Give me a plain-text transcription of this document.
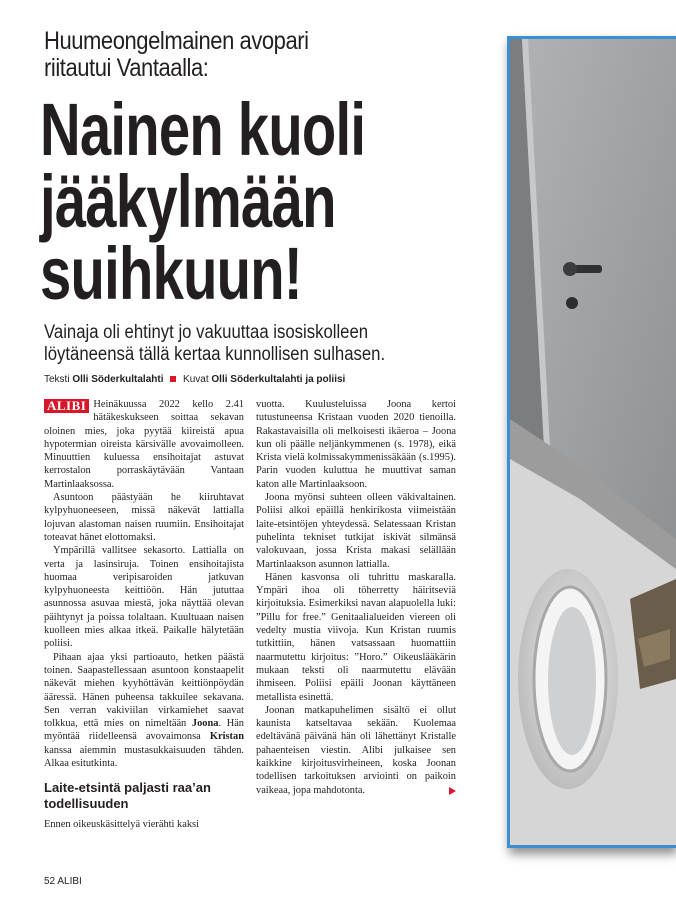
Huumeongelmainen avopari
riitautui Vantaalla:
Nainen kuoli
jääkylmään
suihkuun!
Vainaja oli ehtinyt jo vakuuttaa isosiskolleen
löytäneensä tällä kertaa kunnollisen sulhasen.
Teksti Olli Söderkultalahti Kuvat Olli Söderkultalahti ja poliisi

ALIBI Heinäkuussa 2022 kello 2.41 hätäkeskukseen soittaa sekavan oloinen mies, joka pyytää kiireistä apua hypotermian oireista kärsivälle avovaimolleen. Minuuttien kuluessa ensihoitajat astuvat kerrostalon porraskäytävään Vantaan Martinlaaksossa.

Asuntoon päästyään he kiiruhtavat kylpyhuoneeseen, missä näkevät lattialla lojuvan alastoman naisen ruumiin. Ensihoitajat toteavat hänet elottomaksi.

Ympärillä vallitsee sekasorto. Lattialla on verta ja lasinsiruja. Toinen ensihoitajista huomaa veripisaroiden jatkuvan kylpyhuoneesta keittiöön. Hän jututtaa asunnossa asuvaa miestä, joka näyttää olevan päihtynyt ja poissa tolaltaan. Kuultuaan naisen kuolleen mies alkaa itkeä. Paikalle hälytetään poliisi.

Pihaan ajaa yksi partioauto, hetken päästä toinen. Saapastellessaan asuntoon konstaapelit näkevät miehen kyyhöttävän keittiönpöydän ääressä. Hänen puheensa takkuilee sekavana. Sen verran vakiviilan virkamiehet saavat tolkkua, että mies on nimeltään Joona. Hän myöntää riidelleensä avovaimonsa Kristan kanssa aiemmin mustasukkaisuuden tähden. Alkaa esitutkinta.

Laite-etsintä paljasti raa’an todellisuuden

Ennen oikeuskäsittelyä vierähti kaksi

vuotta. Kuulusteluissa Joona kertoi tutustuneensa Kristaan vuoden 2020 tienoilla. Rakastavaisilla oli melkoisesti ikäeroa – Joona kun oli päälle neljänkymmenen (s. 1978), eikä Krista vielä kolmissakymmenissäkään (s.1995). Parin vuoden kuluttua he muuttivat saman katon alle Martinlaaksoon.

Joona myönsi suhteen olleen väkivaltainen. Poliisi alkoi epäillä henkirikosta viimeistään laite-etsintöjen yhteydessä. Selatessaan Kristan puhelinta tekniset tutkijat iskivät silmänsä valokuvaan, jossa Krista makasi selällään Martinlaakson asunnon lattialla.

Hänen kasvonsa oli tuhrittu maskaralla. Ympäri ihoa oli töherretty häiritseviä kirjoituksia. Esimerkiksi navan alapuolella luki: ”Pillu for free.” Genitaalialueiden viereen oli vedelty mustia viivoja. Kun Kristan ruumis tutkittiin, hänen vatsassaan huomattiin naarmutettu kirjoitus: ”Horo.” Oikeuslääkärin mukaan teksti oli naarmutettu elävään ihmiseen. Poliisi epäili Joonan käyttäneen metallista esinettä.

Joonan matkapuhelimen sisältö ei ollut kaunista katseltavaa sekään. Kuolemaa edeltävänä päivänä hän oli lähettänyt Kristalle pahaenteisen viestin. Alibi julkaisee sen kaikkine kirjoitusvirheineen, koska Joonan todellisen tarkoituksen arviointi on paikoin vaikeaa, jopa mahdotonta.

52 ALIBI
